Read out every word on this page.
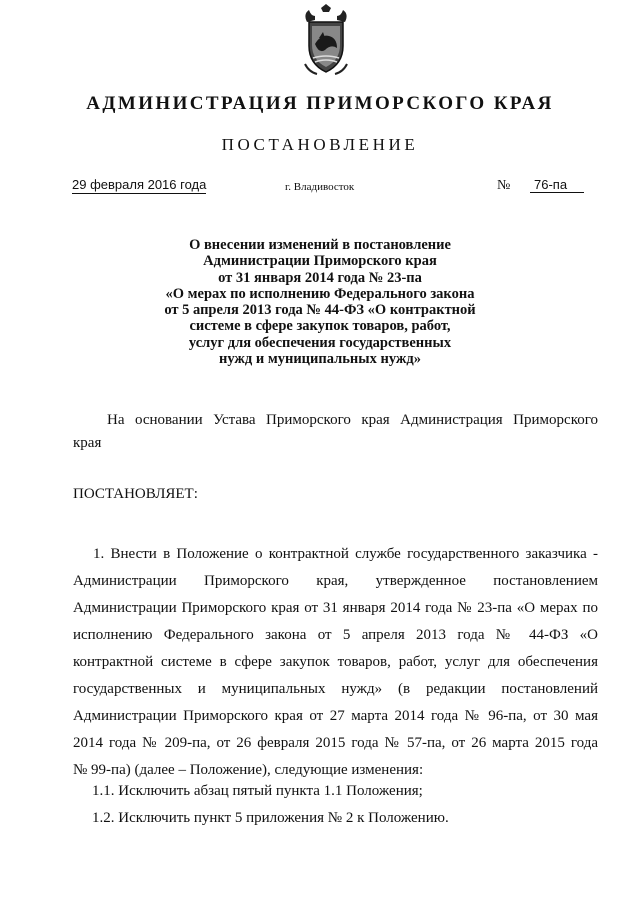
АДМИНИСТРАЦИЯ ПРИМОРСКОГО КРАЯ
ПОСТАНОВЛЕНИЕ
29 февраля 2016 года	г. Владивосток	№	76-па
О внесении изменений в постановление
Администрации Приморского края
от 31 января 2014 года № 23-па
«О мерах по исполнению Федерального закона
от 5 апреля 2013 года № 44-ФЗ «О контрактной
системе в сфере закупок товаров, работ,
услуг для обеспечения государственных
нужд и муниципальных нужд»
На основании Устава Приморского края Администрация Приморского
края
ПОСТАНОВЛЯЕТ:
1. Внести в Положение о контрактной службе государственного заказчика -
Администрации Приморского края, утвержденное постановлением
Администрации Приморского края от 31 января 2014 года № 23-па «О мерах по
исполнению Федерального закона от 5 апреля 2013 года № 44-ФЗ «О
контрактной системе в сфере закупок товаров, работ, услуг для обеспечения
государственных и муниципальных нужд» (в редакции постановлений
Администрации Приморского края от 27 марта 2014 года № 96-па, от 30 мая
2014 года № 209-па, от 26 февраля 2015 года № 57-па, от 26 марта 2015 года
№ 99-па) (далее – Положение), следующие изменения:
1.1. Исключить абзац пятый пункта 1.1 Положения;
1.2. Исключить пункт 5 приложения № 2 к Положению.
